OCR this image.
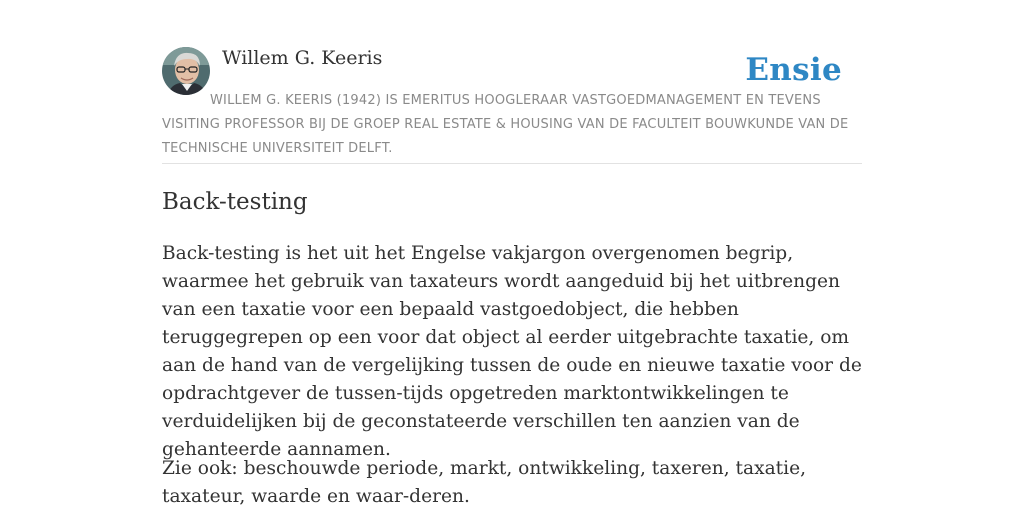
Willem G. Keeris	Ensie
WILLEM G. KEERIS (1942) IS EMERITUS HOOGLERAAR VASTGOEDMANAGEMENT EN TEVENS VISITING PROFESSOR BIJ DE GROEP REAL ESTATE & HOUSING VAN DE FACULTEIT BOUWKUNDE VAN DE TECHNISCHE UNIVERSITEIT DELFT.
Back-testing

Back-testing is het uit het Engelse vakjargon overgenomen begrip, waarmee het gebruik van taxateurs wordt aangeduid bij het uitbrengen van een taxatie voor een bepaald vastgoedobject, die hebben teruggegrepen op een voor dat object al eerder uitgebrachte taxatie, om aan de hand van de vergelijking tussen de oude en nieuwe taxatie voor de opdrachtgever de tussen-tijds opgetreden marktontwikkelingen te verduidelijken bij de geconstateerde verschillen ten aanzien van de gehanteerde aannamen.

Zie ook: beschouwde periode, markt, ontwikkeling, taxeren, taxatie, taxateur, waarde en waar-deren.
